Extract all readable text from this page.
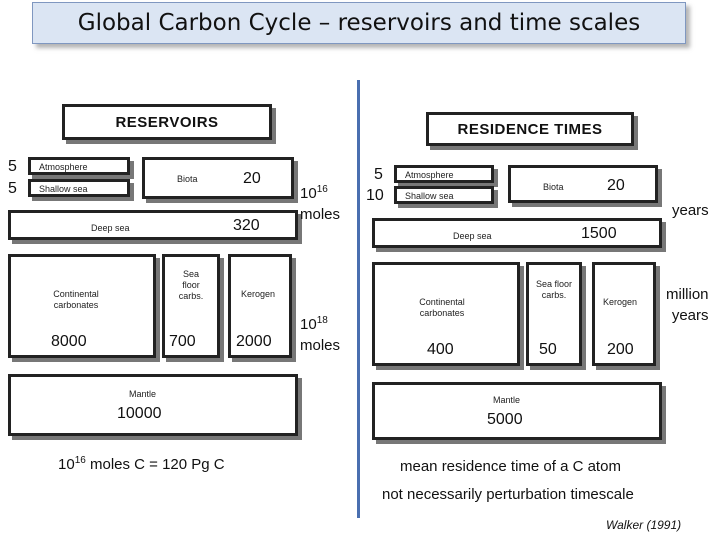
Global Carbon Cycle – reservoirs and time scales
RESERVOIRS
5
5
Atmosphere
Shallow sea
Biota	20
Deep sea	320
Continental carbonates
8000
Sea floor carbs.
700
Kerogen
2000
Mantle
10000
$10^{16}$
moles
$10^{18}$
moles
$10^{16}$ moles C = 120 Pg C
RESIDENCE TIMES
5
10
Atmosphere
Shallow sea
Biota	20
Deep sea	1500
Continental carbonates
400
Sea floor carbs.
50
Kerogen
200
Mantle
5000
years
million
years
mean residence time of a C atom
not necessarily perturbation timescale
Walker (1991)
